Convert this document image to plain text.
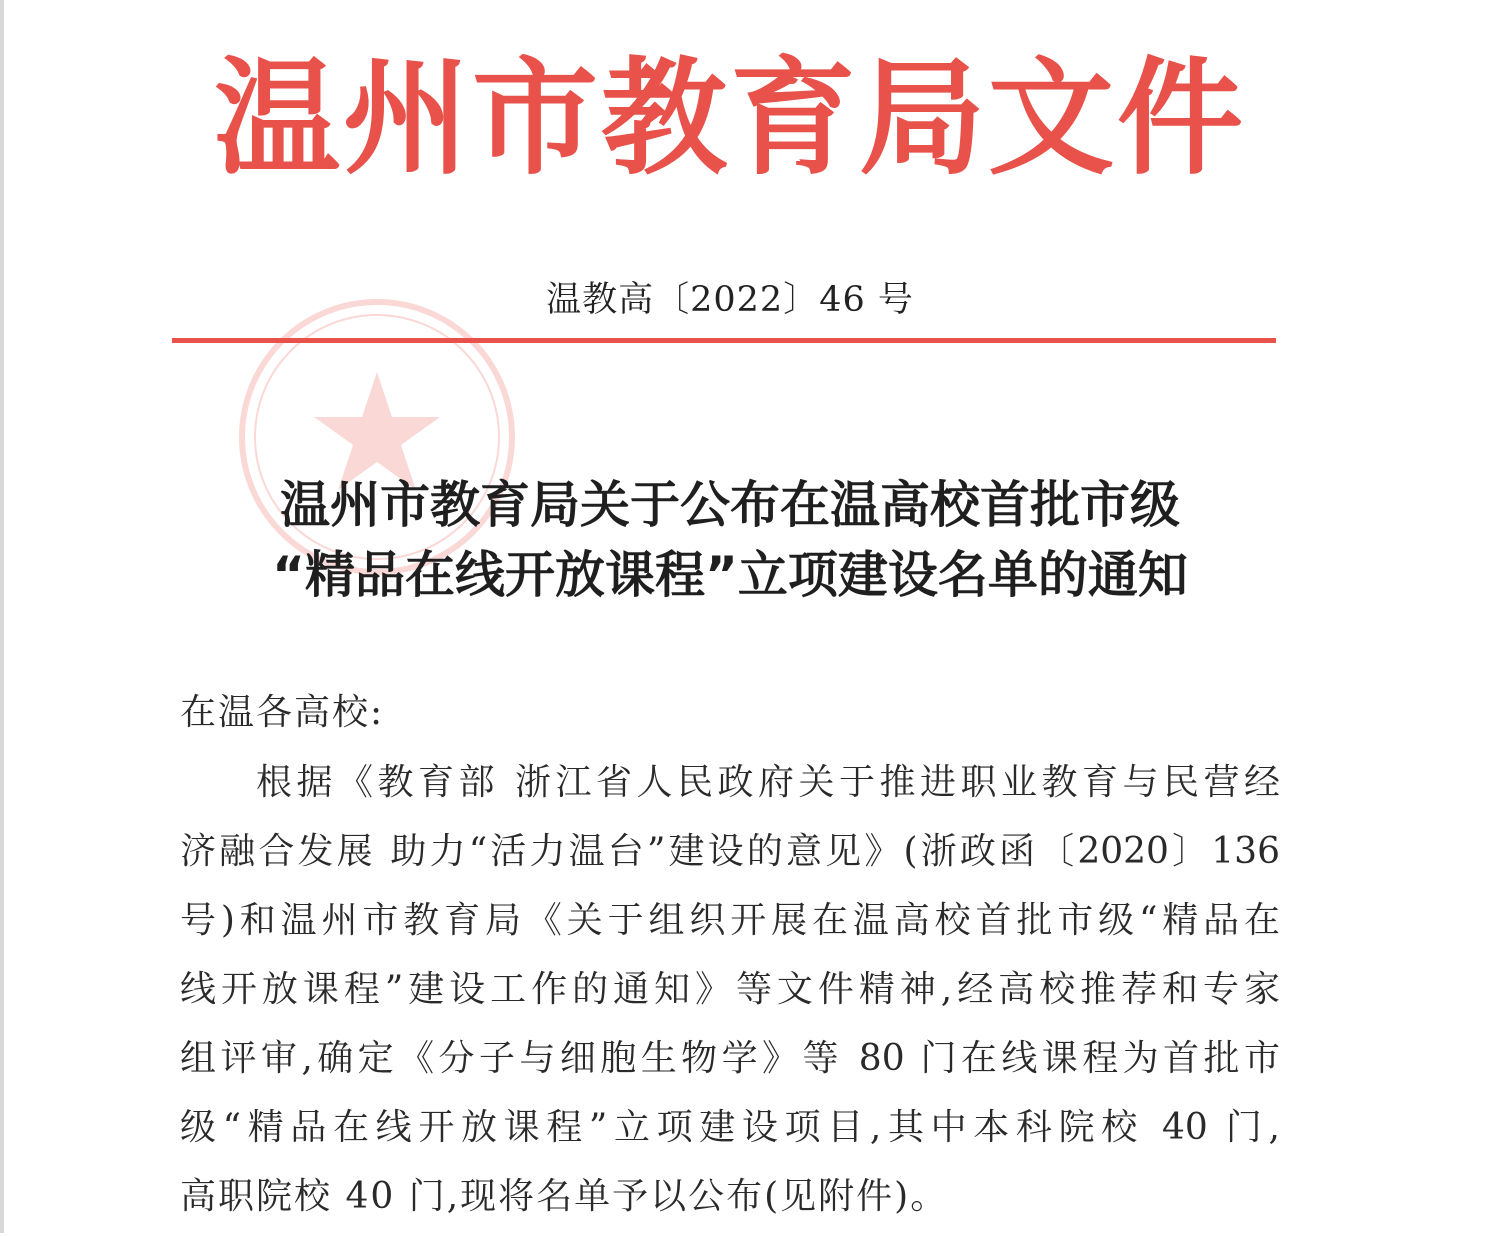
温州市教育局文件
温教高〔2022〕46 号
温州市教育局关于公布在温高校首批市级
“精品在线开放课程”立项建设名单的通知
在温各高校:
根据《教育部 浙江省人民政府关于推进职业教育与民营经
济融合发展 助力“活力温台”建设的意见》(浙政函〔2020〕136
号)和温州市教育局《关于组织开展在温高校首批市级“精品在
线开放课程”建设工作的通知》等文件精神,经高校推荐和专家
组评审,确定《分子与细胞生物学》等 80 门在线课程为首批市
级“精品在线开放课程”立项建设项目,其中本科院校 40 门,
高职院校 40 门,现将名单予以公布(见附件)。
